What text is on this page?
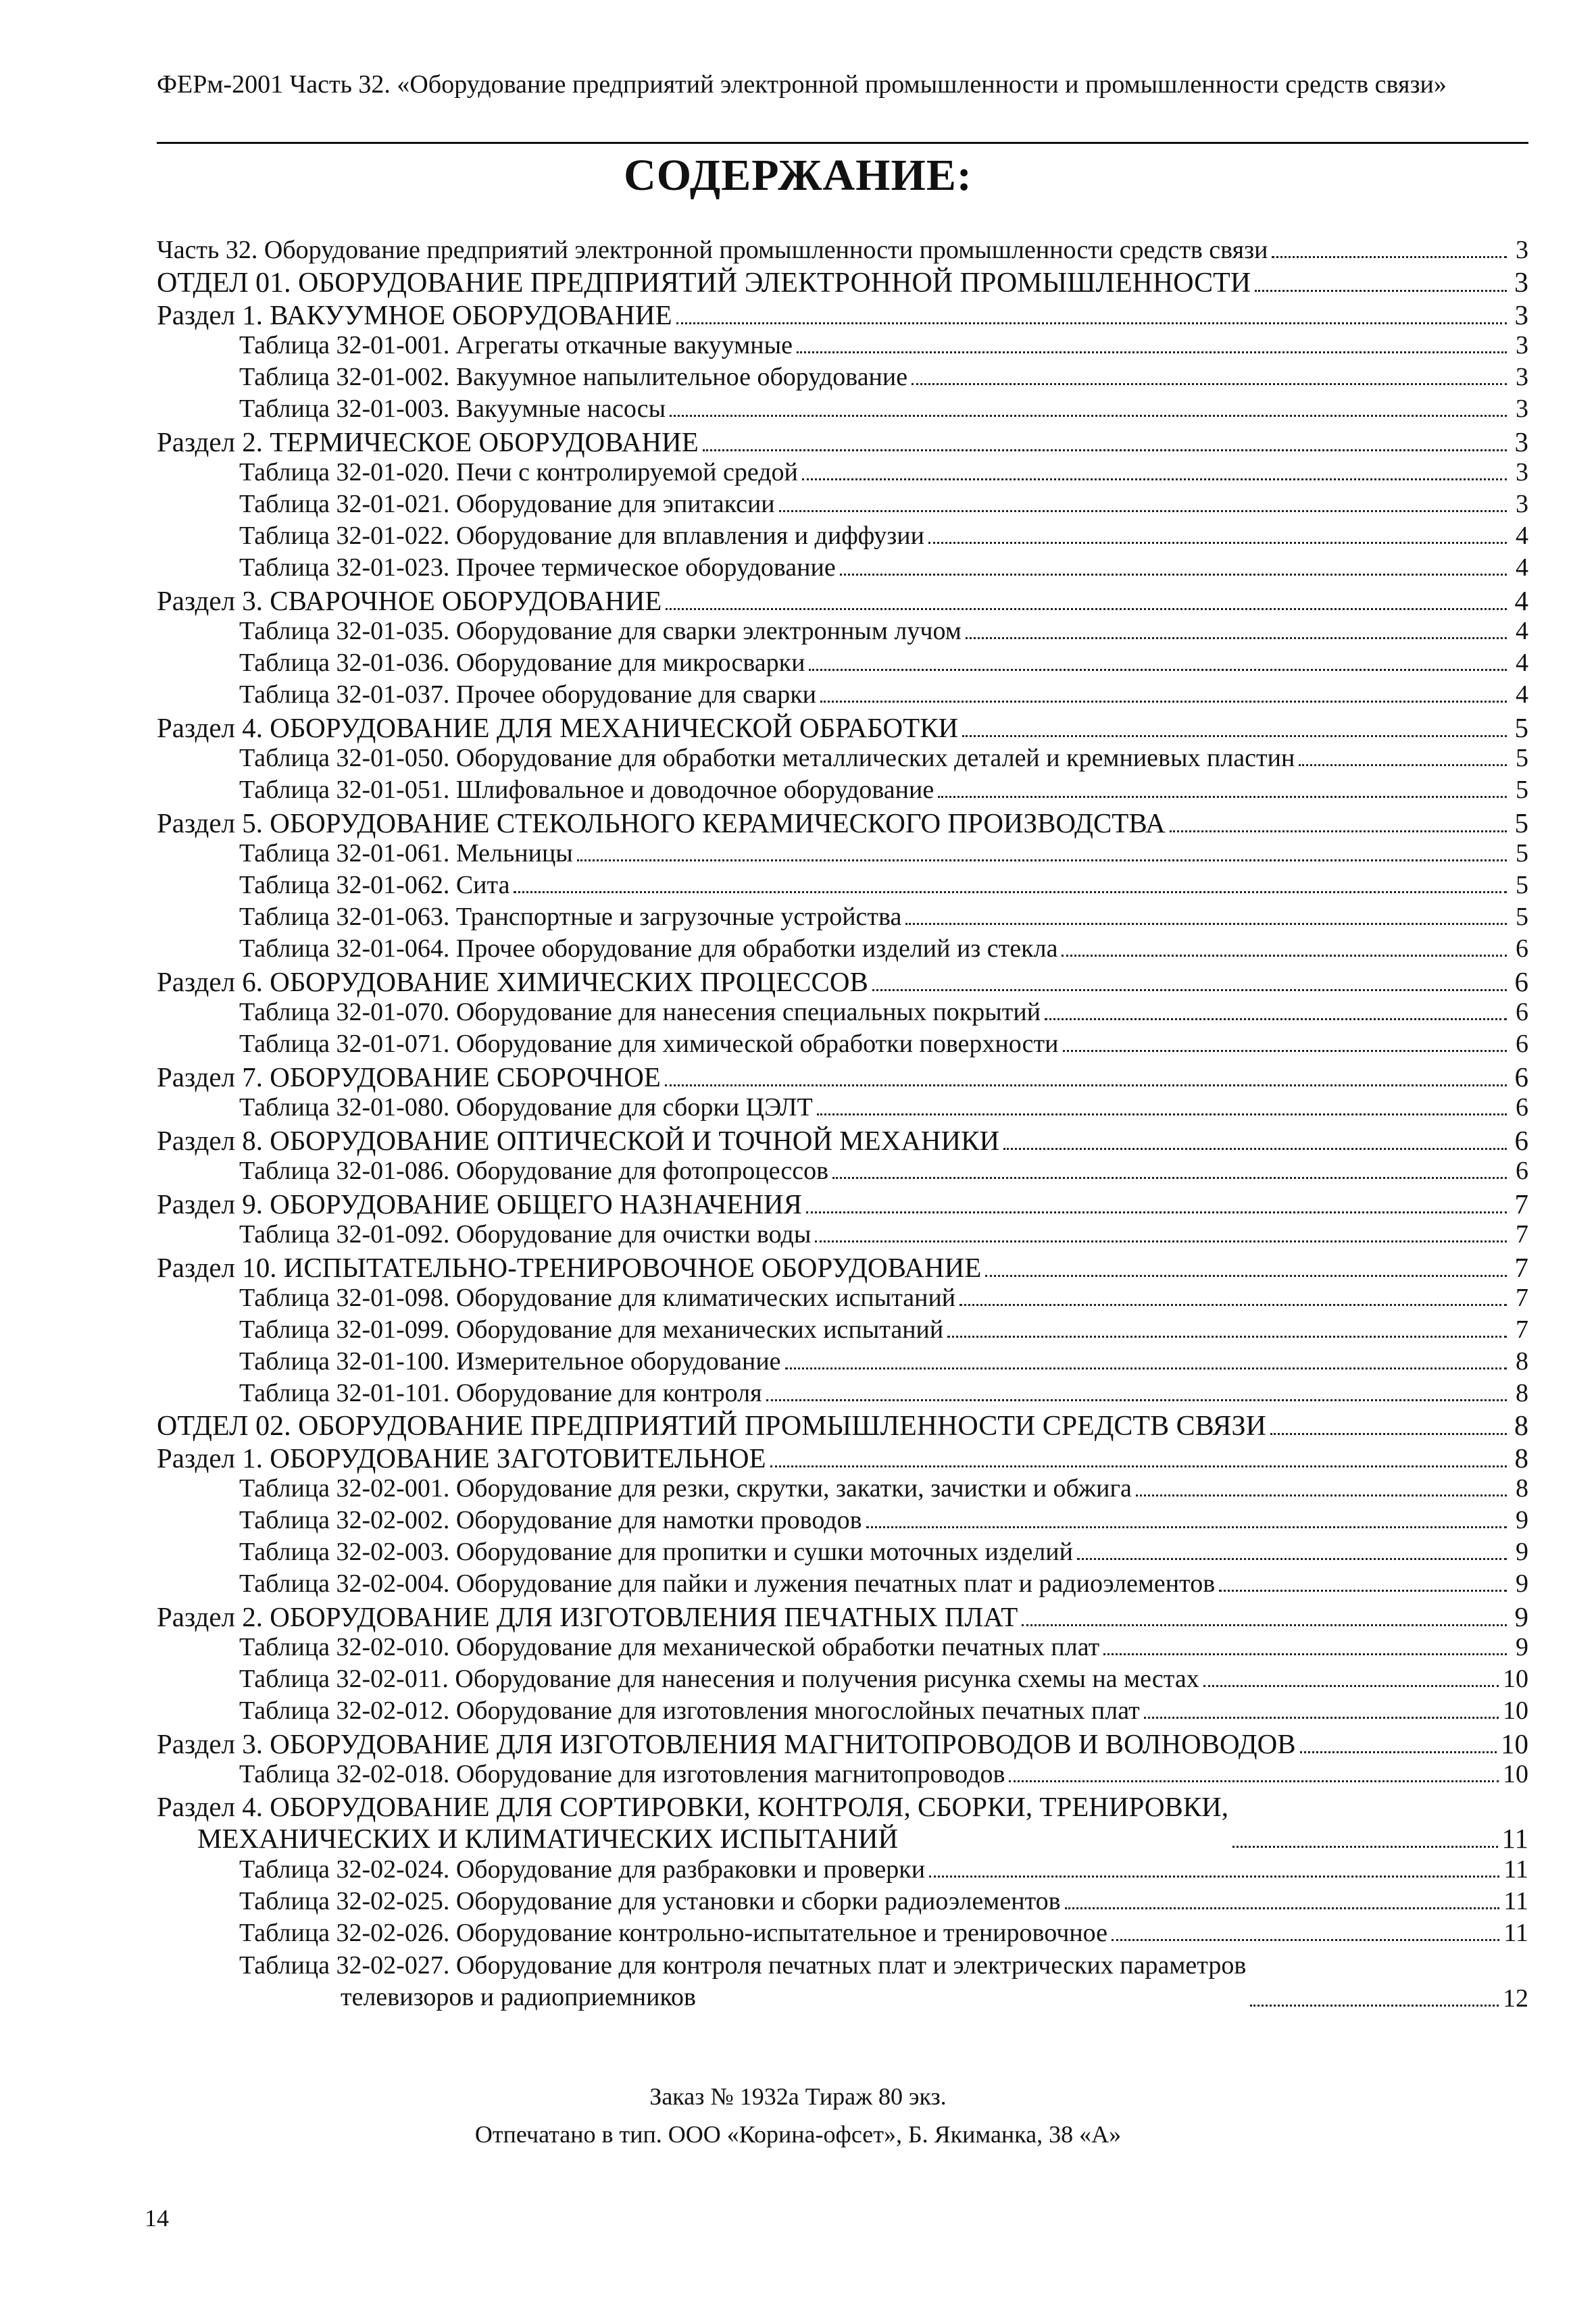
ФЕРм-2001 Часть 32. «Оборудование предприятий электронной промышленности и промышленности средств связи»
СОДЕРЖАНИЕ:
Часть 32. Оборудование предприятий электронной промышленности промышленности средств связи	3
ОТДЕЛ 01. ОБОРУДОВАНИЕ ПРЕДПРИЯТИЙ ЭЛЕКТРОННОЙ ПРОМЫШЛЕННОСТИ	3
Раздел 1. ВАКУУМНОЕ ОБОРУДОВАНИЕ	3
Таблица 32-01-001. Агрегаты откачные вакуумные	3
Таблица 32-01-002. Вакуумное напылительное оборудование	3
Таблица 32-01-003. Вакуумные насосы	3
Раздел 2. ТЕРМИЧЕСКОЕ ОБОРУДОВАНИЕ	3
Таблица 32-01-020. Печи с контролируемой средой	3
Таблица 32-01-021. Оборудование для эпитаксии	3
Таблица 32-01-022. Оборудование для вплавления и диффузии	4
Таблица 32-01-023. Прочее термическое оборудование	4
Раздел 3. СВАРОЧНОЕ ОБОРУДОВАНИЕ	4
Таблица 32-01-035. Оборудование для сварки электронным лучом	4
Таблица 32-01-036. Оборудование для микросварки	4
Таблица 32-01-037. Прочее оборудование для сварки	4
Раздел 4. ОБОРУДОВАНИЕ ДЛЯ МЕХАНИЧЕСКОЙ ОБРАБОТКИ	5
Таблица 32-01-050. Оборудование для обработки металлических деталей и кремниевых пластин	5
Таблица 32-01-051. Шлифовальное и доводочное оборудование	5
Раздел 5. ОБОРУДОВАНИЕ СТЕКОЛЬНОГО КЕРАМИЧЕСКОГО ПРОИЗВОДСТВА	5
Таблица 32-01-061. Мельницы	5
Таблица 32-01-062. Сита	5
Таблица 32-01-063. Транспортные и загрузочные устройства	5
Таблица 32-01-064. Прочее оборудование для обработки изделий из стекла	6
Раздел 6. ОБОРУДОВАНИЕ ХИМИЧЕСКИХ ПРОЦЕССОВ	6
Таблица 32-01-070. Оборудование для нанесения специальных покрытий	6
Таблица 32-01-071. Оборудование для химической обработки поверхности	6
Раздел 7. ОБОРУДОВАНИЕ СБОРОЧНОЕ	6
Таблица 32-01-080. Оборудование для сборки ЦЭЛТ	6
Раздел 8. ОБОРУДОВАНИЕ ОПТИЧЕСКОЙ И ТОЧНОЙ МЕХАНИКИ	6
Таблица 32-01-086. Оборудование для фотопроцессов	6
Раздел 9. ОБОРУДОВАНИЕ ОБЩЕГО НАЗНАЧЕНИЯ	7
Таблица 32-01-092. Оборудование для очистки воды	7
Раздел 10. ИСПЫТАТЕЛЬНО-ТРЕНИРОВОЧНОЕ ОБОРУДОВАНИЕ	7
Таблица 32-01-098. Оборудование для климатических испытаний	7
Таблица 32-01-099. Оборудование для механических испытаний	7
Таблица 32-01-100. Измерительное оборудование	8
Таблица 32-01-101. Оборудование для контроля	8
ОТДЕЛ 02. ОБОРУДОВАНИЕ ПРЕДПРИЯТИЙ ПРОМЫШЛЕННОСТИ СРЕДСТВ СВЯЗИ	8
Раздел 1. ОБОРУДОВАНИЕ ЗАГОТОВИТЕЛЬНОЕ	8
Таблица 32-02-001. Оборудование для резки, скрутки, закатки, зачистки и обжига	8
Таблица 32-02-002. Оборудование для намотки проводов	9
Таблица 32-02-003. Оборудование для пропитки и сушки моточных изделий	9
Таблица 32-02-004. Оборудование для пайки и лужения печатных плат и радиоэлементов	9
Раздел 2. ОБОРУДОВАНИЕ ДЛЯ ИЗГОТОВЛЕНИЯ ПЕЧАТНЫХ ПЛАТ	9
Таблица 32-02-010. Оборудование для механической обработки печатных плат	9
Таблица 32-02-011. Оборудование для нанесения и получения рисунка схемы на местах	10
Таблица 32-02-012. Оборудование для изготовления многослойных печатных плат	10
Раздел 3. ОБОРУДОВАНИЕ ДЛЯ ИЗГОТОВЛЕНИЯ МАГНИТОПРОВОДОВ И ВОЛНОВОДОВ	10
Таблица 32-02-018. Оборудование для изготовления магнитопроводов	10
Раздел 4. ОБОРУДОВАНИЕ ДЛЯ СОРТИРОВКИ, КОНТРОЛЯ, СБОРКИ, ТРЕНИРОВКИ,
МЕХАНИЧЕСКИХ И КЛИМАТИЧЕСКИХ ИСПЫТАНИЙ	11
Таблица 32-02-024. Оборудование для разбраковки и проверки	11
Таблица 32-02-025. Оборудование для установки и сборки радиоэлементов	11
Таблица 32-02-026. Оборудование контрольно-испытательное и тренировочное	11
Таблица 32-02-027. Оборудование для контроля печатных плат и электрических параметров
телевизоров и радиоприемников	12
Заказ № 1932а Тираж 80 экз.
Отпечатано в тип. ООО «Корина-офсет», Б. Якиманка, 38 «А»
14
